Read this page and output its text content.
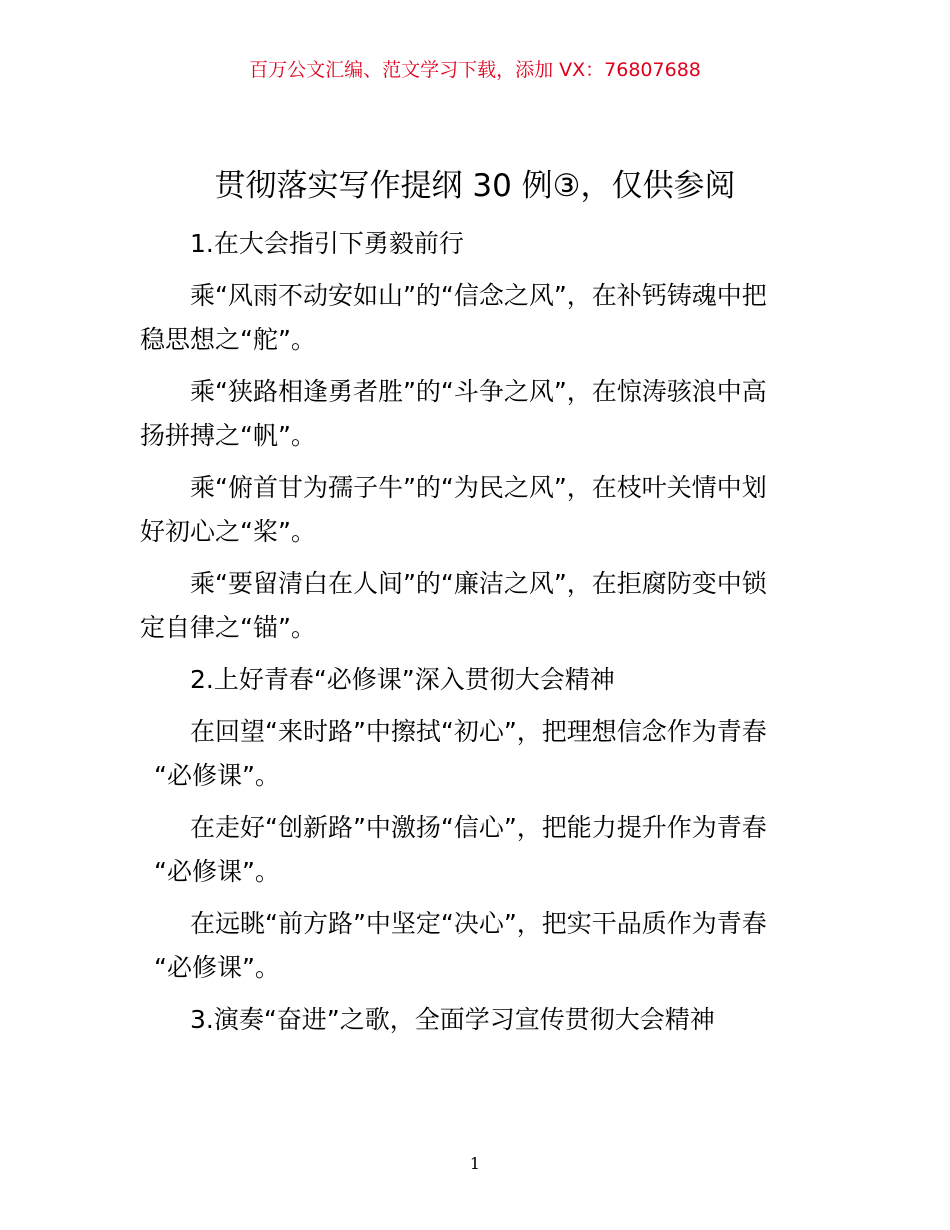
百万公文汇编、范文学习下载，添加 VX：76807688
贯彻落实写作提纲 30 例③，仅供参阅

1.在大会指引下勇毅前行

乘“风雨不动安如山”的“信念之风”，在补钙铸魂中把

稳思想之“舵”。

乘“狭路相逢勇者胜”的“斗争之风”，在惊涛骇浪中高

扬拼搏之“帆”。

乘“俯首甘为孺子牛”的“为民之风”，在枝叶关情中划

好初心之“桨”。

乘“要留清白在人间”的“廉洁之风”，在拒腐防变中锁

定自律之“锚”。

2.上好青春“必修课”深入贯彻大会精神

在回望“来时路”中擦拭“初心”，把理想信念作为青春

“必修课”。

在走好“创新路”中激扬“信心”，把能力提升作为青春

“必修课”。

在远眺“前方路”中坚定“决心”，把实干品质作为青春

“必修课”。

3.演奏“奋进”之歌，全面学习宣传贯彻大会精神

1
